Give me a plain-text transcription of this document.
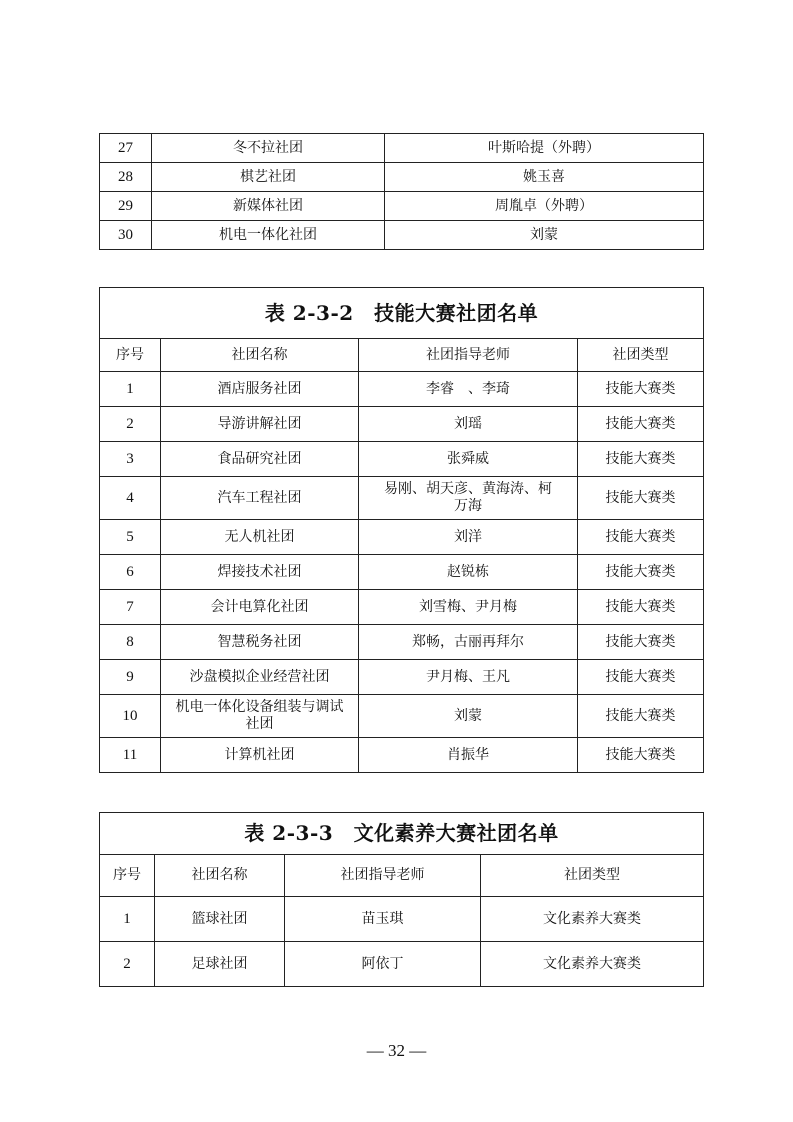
27	冬不拉社团	叶斯哈提（外聘）
28	棋艺社团	姚玉喜
29	新媒体社团	周胤卓（外聘）
30	机电一体化社团	刘蒙
表 2-3-2　技能大赛社团名单			
序号	社团名称	社团指导老师	社团类型
1	酒店服务社团	李睿　、李琦	技能大赛类
2	导游讲解社团	刘瑶	技能大赛类
3	食品研究社团	张舜威	技能大赛类
4	汽车工程社团	易刚、胡天彦、黄海涛、柯万海	技能大赛类
5	无人机社团	刘洋	技能大赛类
6	焊接技术社团	赵锐栋	技能大赛类
7	会计电算化社团	刘雪梅、尹月梅	技能大赛类
8	智慧税务社团	郑畅，古丽再拜尔	技能大赛类
9	沙盘模拟企业经营社团	尹月梅、王凡	技能大赛类
10	机电一体化设备组装与调试社团	刘蒙	技能大赛类
11	计算机社团	肖振华	技能大赛类
表 2-3-3　文化素养大赛社团名单			
序号	社团名称	社团指导老师	社团类型
1	篮球社团	苗玉琪	文化素养大赛类
2	足球社团	阿依丁	文化素养大赛类
— 32 —
